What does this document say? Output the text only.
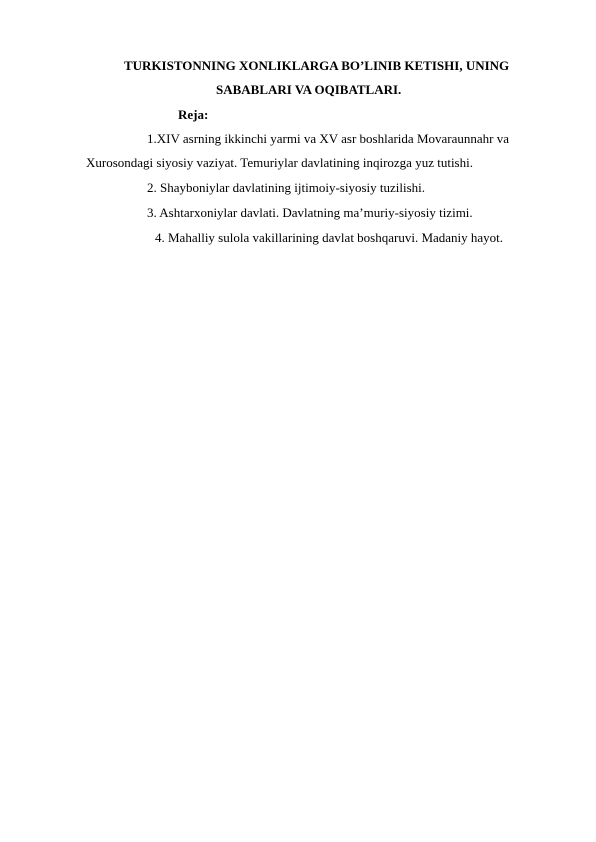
TURKISTONNING XONLIKLARGA BO’LINIB KETISHI, UNING
SABABLARI VA OQIBATLARI.
Reja:
1.XIV asrning ikkinchi yarmi va XV asr boshlarida Movaraunnahr va
Xurosondagi siyosiy vaziyat. Temuriylar davlatining inqirozga yuz tutishi.
2. Shayboniylar davlatining ijtimoiy-siyosiy tuzilishi.
3. Ashtarxoniylar davlati. Davlatning ma’muriy-siyosiy tizimi.
4. Mahalliy sulola vakillarining davlat boshqaruvi. Madaniy hayot.
